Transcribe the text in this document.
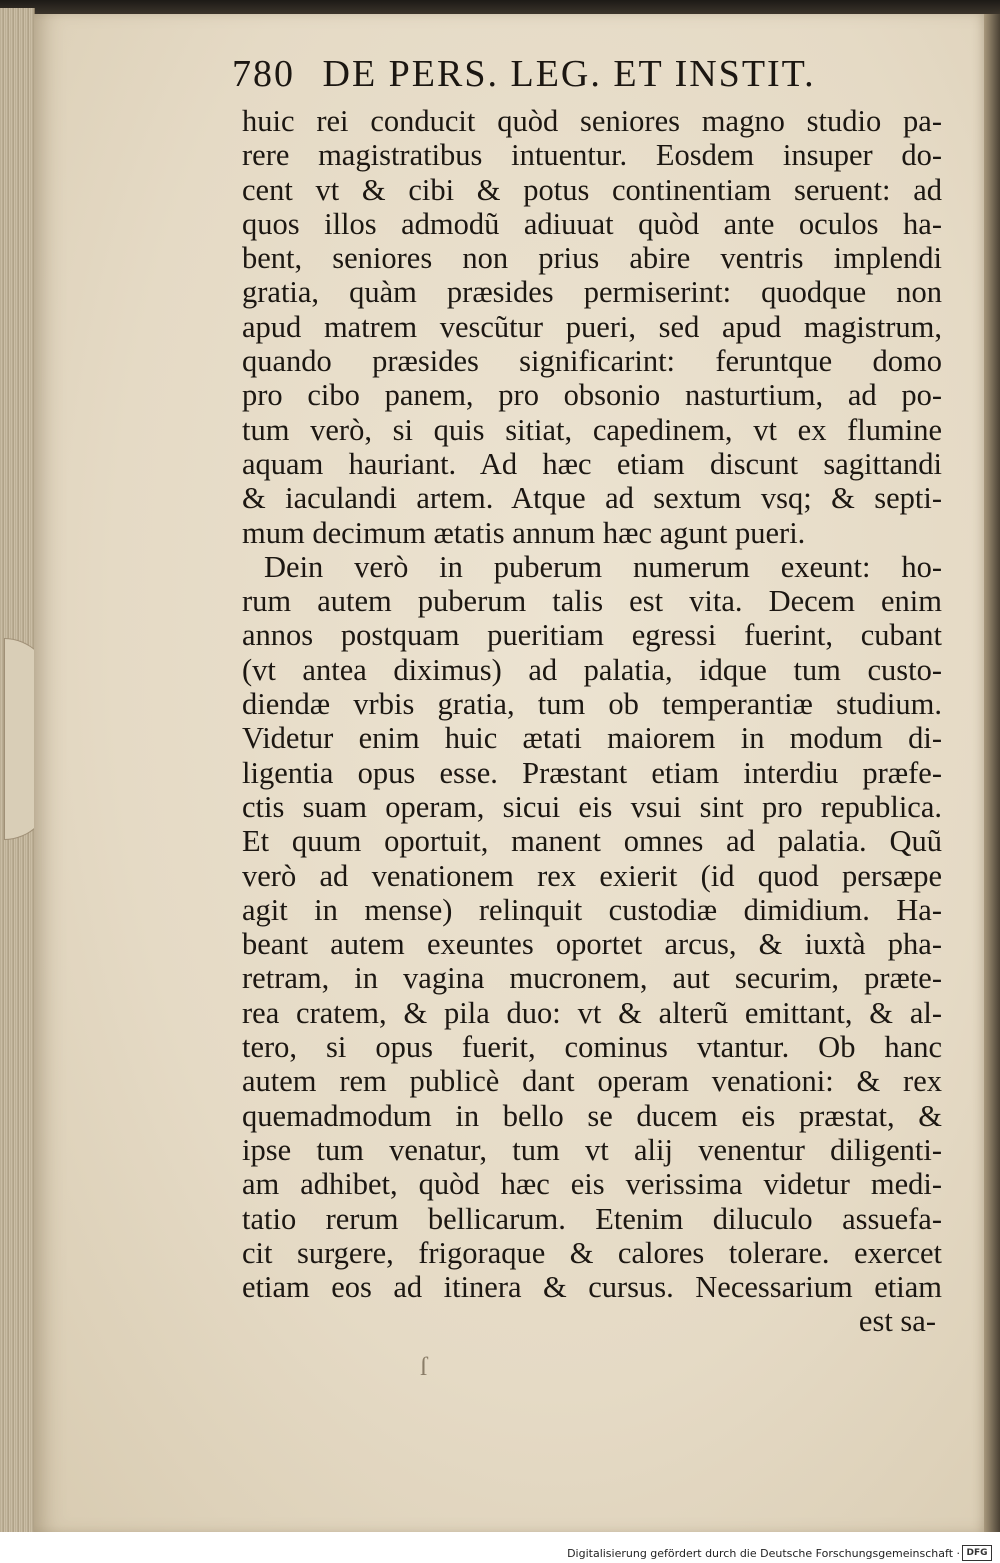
780 DE PERS. LEG. ET INSTIT.
huic rei conducit quòd seniores magno studio pa-
rere magistratibus intuentur. Eosdem insuper do-
cent vt & cibi & potus continentiam seruent: ad
quos illos admodũ adiuuat quòd ante oculos ha-
bent, seniores non prius abire ventris implendi
gratia, quàm præsides permiserint: quodque non
apud matrem vescũtur pueri, sed apud magistrum,
quando præsides significarint: feruntque domo
pro cibo panem, pro obsonio nasturtium, ad po-
tum verò, si quis sitiat, capedinem, vt ex flumine
aquam hauriant. Ad hæc etiam discunt sagittandi
& iaculandi artem. Atque ad sextum vsq; & septi-
mum decimum ætatis annum hæc agunt pueri.
Dein verò in puberum numerum exeunt: ho-
rum autem puberum talis est vita. Decem enim
annos postquam pueritiam egressi fuerint, cubant
(vt antea diximus) ad palatia, idque tum custo-
diendæ vrbis gratia, tum ob temperantiæ studium.
Videtur enim huic ætati maiorem in modum di-
ligentia opus esse. Præstant etiam interdiu præfe-
ctis suam operam, sicui eis vsui sint pro republica.
Et quum oportuit, manent omnes ad palatia. Quũ
verò ad venationem rex exierit (id quod persæpe
agit in mense) relinquit custodiæ dimidium. Ha-
beant autem exeuntes oportet arcus, & iuxtà pha-
retram, in vagina mucronem, aut securim, præte-
rea cratem, & pila duo: vt & alterũ emittant, & al-
tero, si opus fuerit, cominus vtantur. Ob hanc
autem rem publicè dant operam venationi: & rex
quemadmodum in bello se ducem eis præstat, &
ipse tum venatur, tum vt alij venentur diligenti-
am adhibet, quòd hæc eis verissima videtur medi-
tatio rerum bellicarum. Etenim diluculo assuefa-
cit surgere, frigoraque & calores tolerare. exercet
etiam eos ad itinera & cursus. Necessarium etiam
est sa-
ſ
Digitalisierung gefördert durch die Deutsche Forschungsgemeinschaft · DFG
